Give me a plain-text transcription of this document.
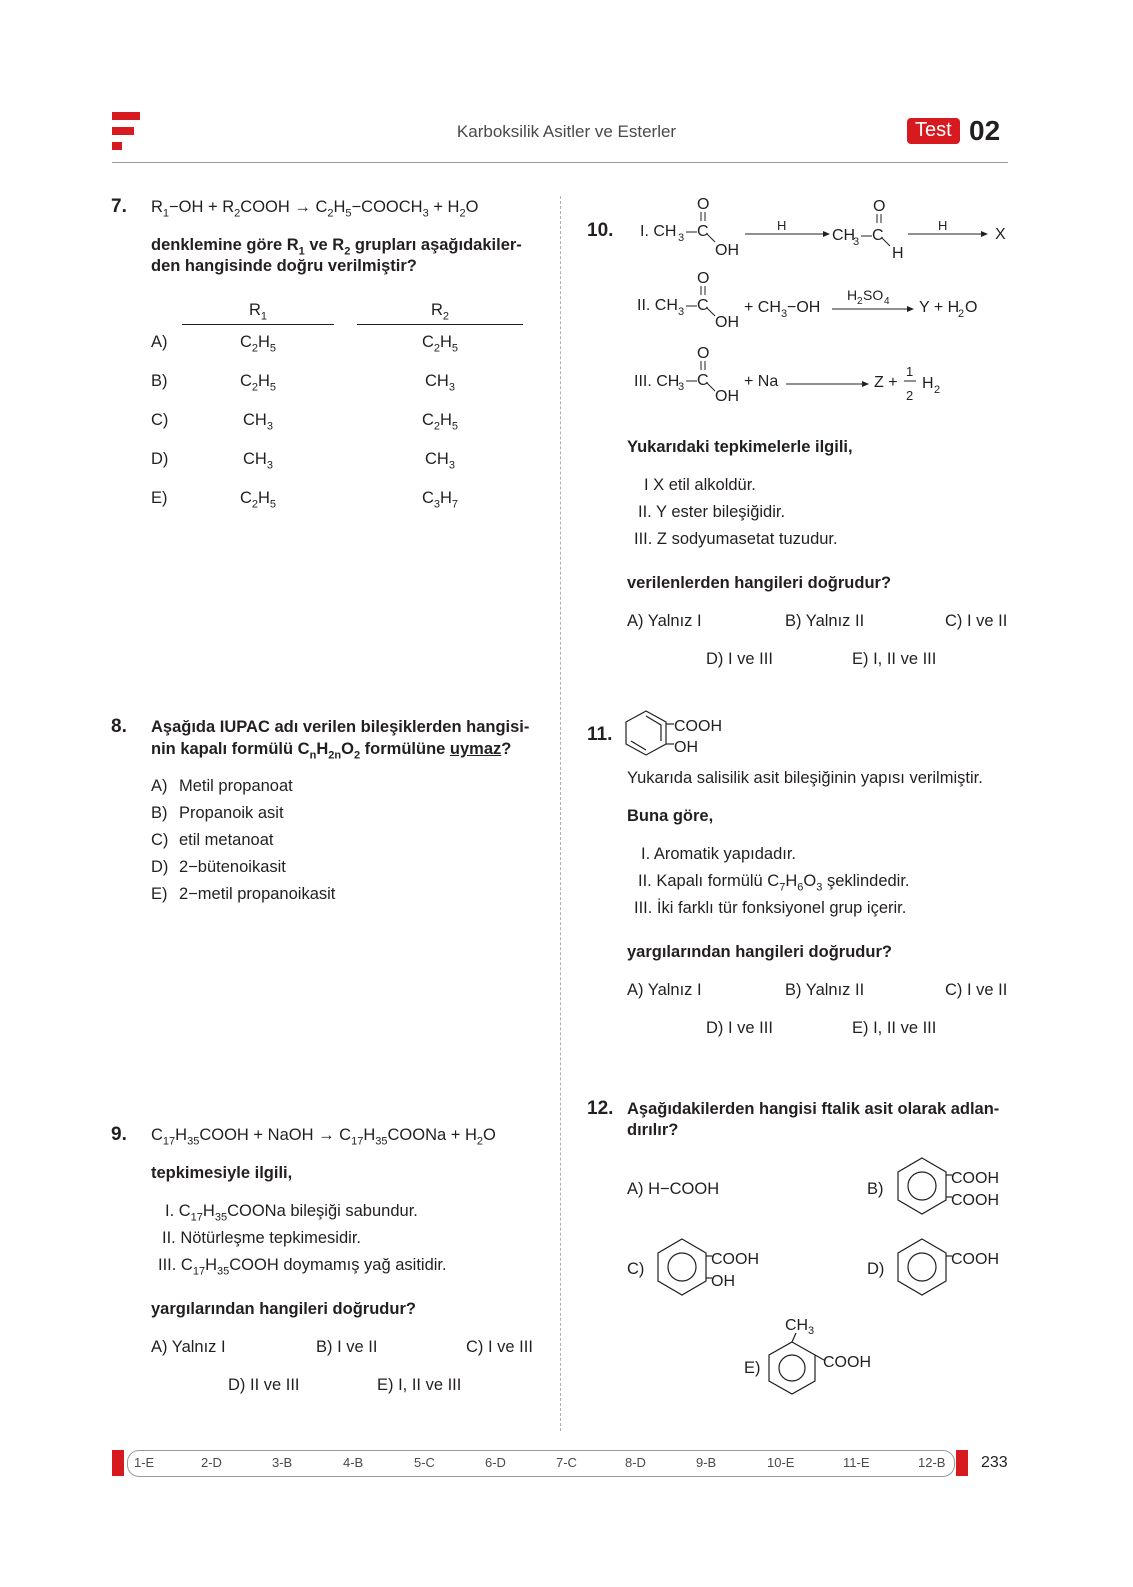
Karboksilik Asitler ve Esterler	Test 02
7. $R_1-OH$ + $R_2COOH$ → $C_2H_5-COOCH_3 + H_2O$
denklemine göre $R_1$ ve $R_2$ grupları aşağıdakiler-
den hangisinde doğru verilmiştir?
$R_1$	$R_2$
A)	$C_2H_5$	$C_2H_5$
B)	$C_2H_5$	$CH_3$
C)	$CH_3$	$C_2H_5$
D)	$CH_3$	$CH_3$
E)	$C_2H_5$	$C_3H_7$
8. Aşağıda IUPAC adı verilen bileşiklerden hangisi-
nin kapalı formülü $C_nH_{2n}O_2$ formülüne uymaz?
A) Metil propanoat
B) Propanoik asit
C) etil metanoat
D) 2−bütenoikasit
E) 2−metil propanoikasit
9. $C_{17}H_{35}COOH$ + NaOH → $C_{17}H_{35}COONa + H_2O$
tepkimesiyle ilgili,
I. $C_{17}H_{35}COONa$ bileşiği sabundur.
II. Nötürleşme tepkimesidir.
III. $C_{17}H_{35}COOH$ doymamış yağ asitidir.
yargılarından hangileri doğrudur?
A) Yalnız I	B) I ve II	C) I ve III
D) II ve III	E) I, II ve III
10. I. CH 3 C
O
OH
H
CH
3 C
O
H
H
X
II. CH 3 C
O
OH
+ CH 3 −OH
H 2 SO 4 Y + H
2 O
III. CH
3 C
O
OH
+ Na	Z +
1
2
H 2
Yukarıdaki tepkimelerle ilgili,
I X etil alkoldür.
II. Y ester bileşiğidir.
III. Z sodyumasetat tuzudur.
verilenlerden hangileri doğrudur?
A) Yalnız I	B) Yalnız II	C) I ve II
D) I ve III	E) I, II ve III
11.	COOH
OH
Yukarıda salisilik asit bileşiğinin yapısı verilmiştir.
Buna göre,
I. Aromatik yapıdadır.
II. Kapalı formülü $C_7H_6O_3$ şeklindedir.
III. İki farklı tür fonksiyonel grup içerir.
yargılarından hangileri doğrudur?
A) Yalnız I	B) Yalnız II	C) I ve II
D) I ve III	E) I, II ve III
12. Aşağıdakilerden hangisi ftalik asit olarak adlan-
dırılır?
A) H−COOH	B)
COOH
COOH
C)
COOH
OH
D)
COOH
E)
CH 3
COOH
1-E	2-D	3-B	4-B	5-C	6-D	7-C	8-D	9-B	10-E	11-E	12-B 233
